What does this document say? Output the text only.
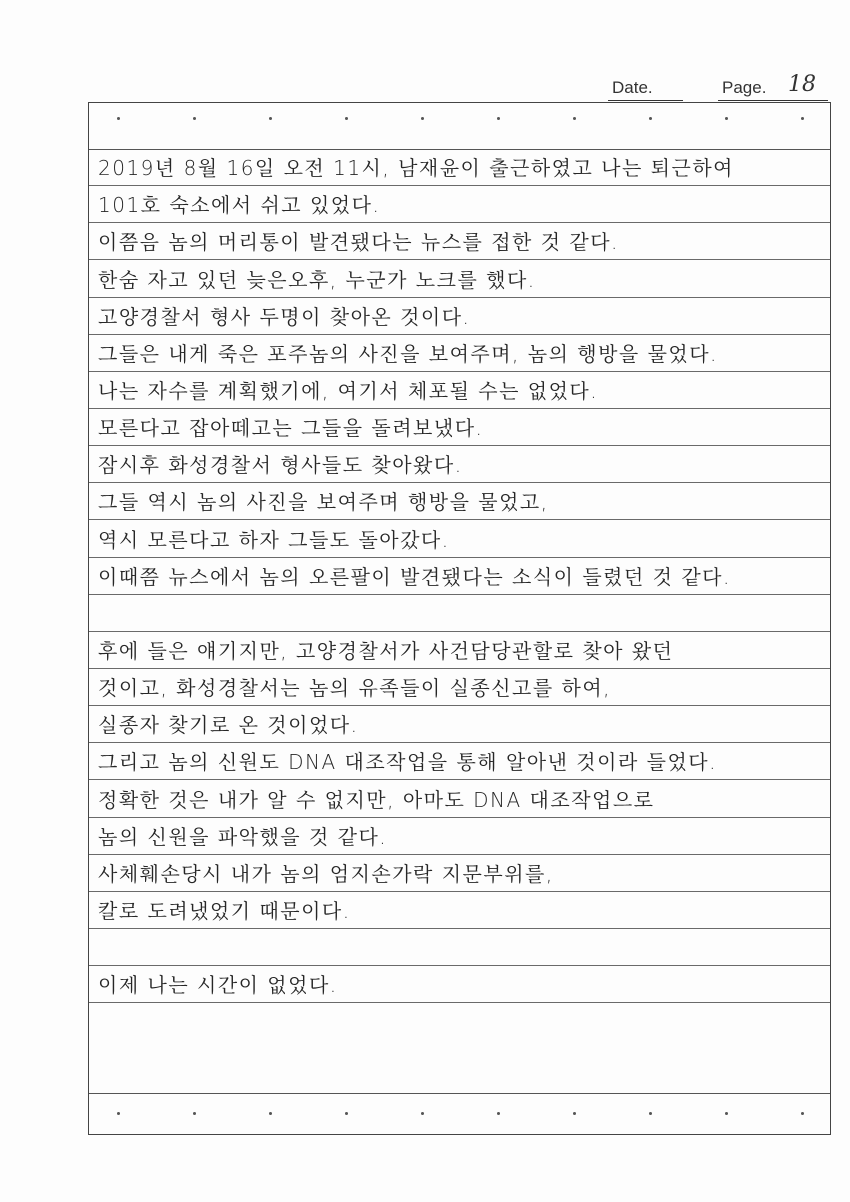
Date.	Page. 18
2019년 8월 16일 오전 11시, 남재윤이 출근하였고 나는 퇴근하여
101호 숙소에서 쉬고 있었다.
이쯤음 놈의 머리통이 발견됐다는 뉴스를 접한 것 같다.
한숨 자고 있던 늦은오후, 누군가 노크를 했다.
고양경찰서 형사 두명이 찾아온 것이다.
그들은 내게 죽은 포주놈의 사진을 보여주며, 놈의 행방을 물었다.
나는 자수를 계획했기에, 여기서 체포될 수는 없었다.
모른다고 잡아떼고는 그들을 돌려보냈다.
잠시후 화성경찰서 형사들도 찾아왔다.
그들 역시 놈의 사진을 보여주며 행방을 물었고,
역시 모른다고 하자 그들도 돌아갔다.
이때쯤 뉴스에서 놈의 오른팔이 발견됐다는 소식이 들렸던 것 같다.
후에 들은 얘기지만, 고양경찰서가 사건담당관할로 찾아 왔던
것이고, 화성경찰서는 놈의 유족들이 실종신고를 하여,
실종자 찾기로 온 것이었다.
그리고 놈의 신원도 DNA 대조작업을 통해 알아낸 것이라 들었다.
정확한 것은 내가 알 수 없지만, 아마도 DNA 대조작업으로
놈의 신원을 파악했을 것 같다.
사체훼손당시 내가 놈의 엄지손가락 지문부위를,
칼로 도려냈었기 때문이다.
이제 나는 시간이 없었다.
